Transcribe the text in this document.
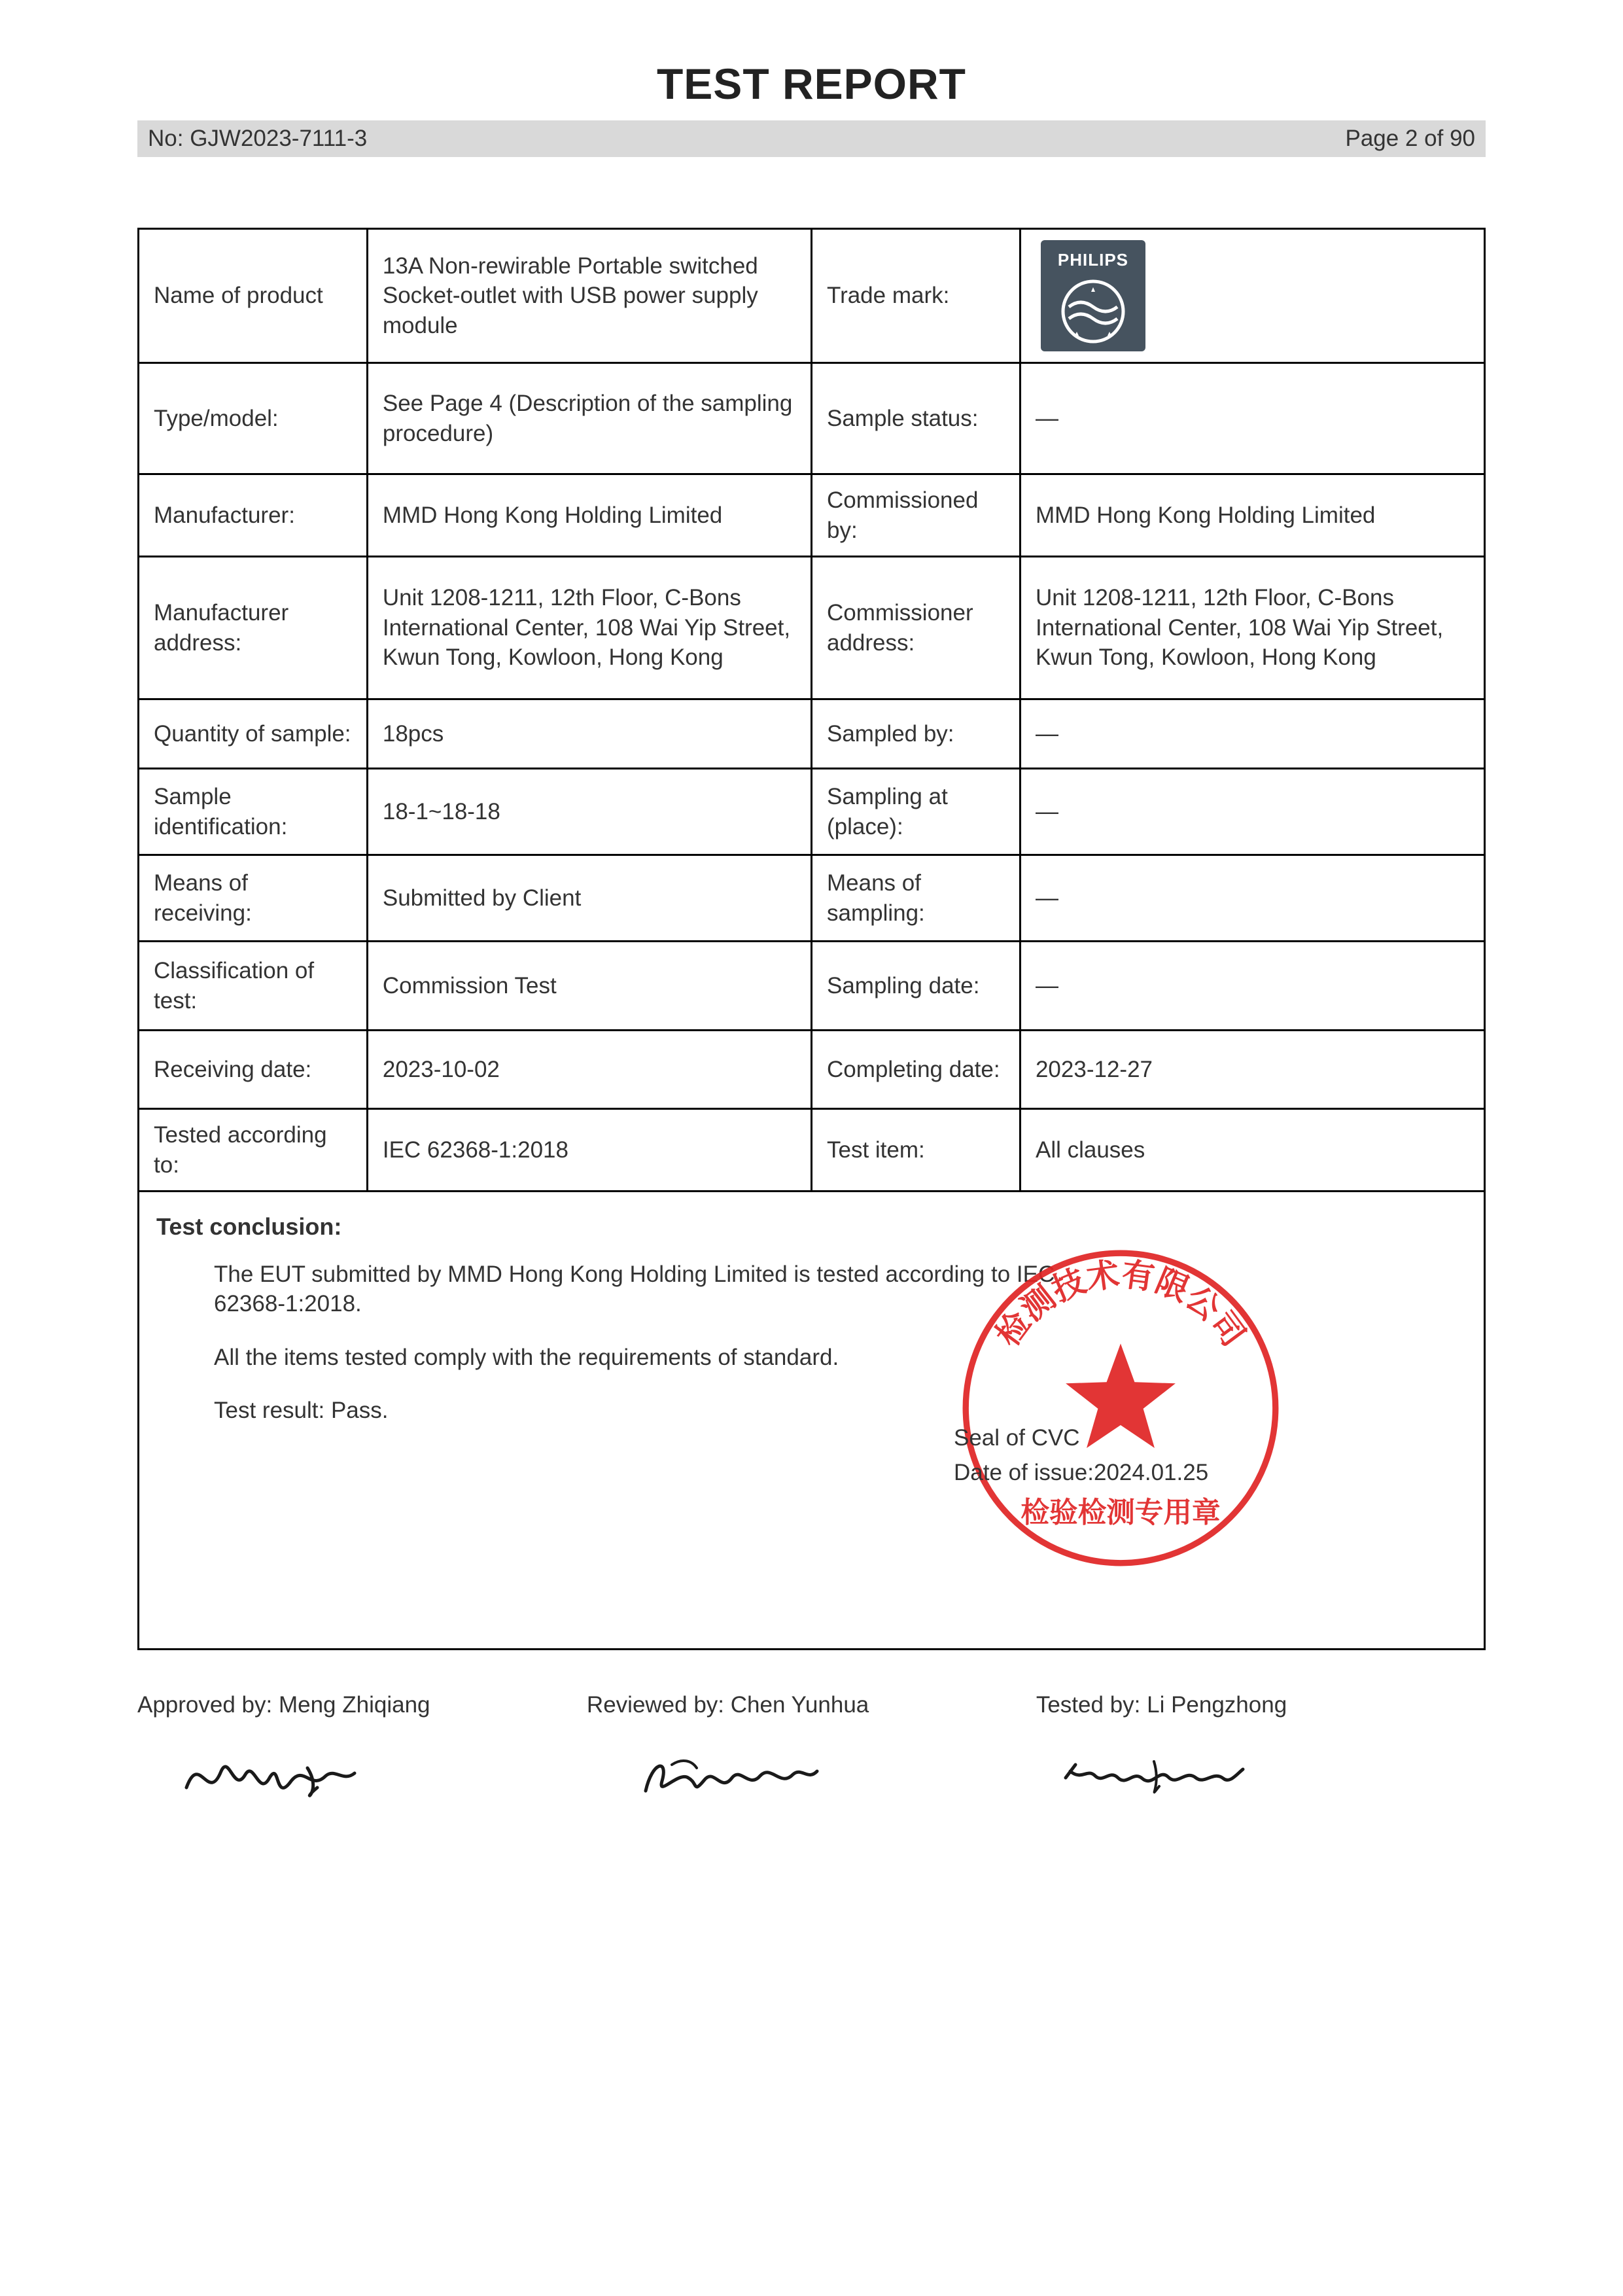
TEST REPORT
No: GJW2023-7111-3	Page 2 of 90
Name of product	13A Non-rewirable Portable switched Socket-outlet with USB power supply module	Trade mark:	PHILIPS

Type/model:	See Page 4 (Description of the sampling procedure)	Sample status:	—
Manufacturer:	MMD Hong Kong Holding Limited	Commissioned by:	MMD Hong Kong Holding Limited
Manufacturer address:	Unit 1208-1211, 12th Floor, C-Bons International Center, 108 Wai Yip Street, Kwun Tong, Kowloon, Hong Kong	Commissioner address:	Unit 1208-1211, 12th Floor, C-Bons International Center, 108 Wai Yip Street, Kwun Tong, Kowloon, Hong Kong
Quantity of sample:	18pcs	Sampled by:	—
Sample identification:	18-1~18-18	Sampling at (place):	—
Means of receiving:	Submitted by Client	Means of sampling:	—
Classification of test:	Commission Test	Sampling date:	—
Receiving date:	2023-10-02	Completing date:	2023-12-27
Tested according to:	IEC 62368-1:2018	Test item:	All clauses

Test conclusion:
The EUT submitted by MMD Hong Kong Holding Limited is tested according to IEC 62368-1:2018.
All the items tested comply with the requirements of standard.
Test result: Pass.
Seal of CVC
Date of issue:2024.01.25
检测技术有限公司
检验检测专用章
Approved by: Meng Zhiqiang	Reviewed by: Chen Yunhua	Tested by: Li Pengzhong
